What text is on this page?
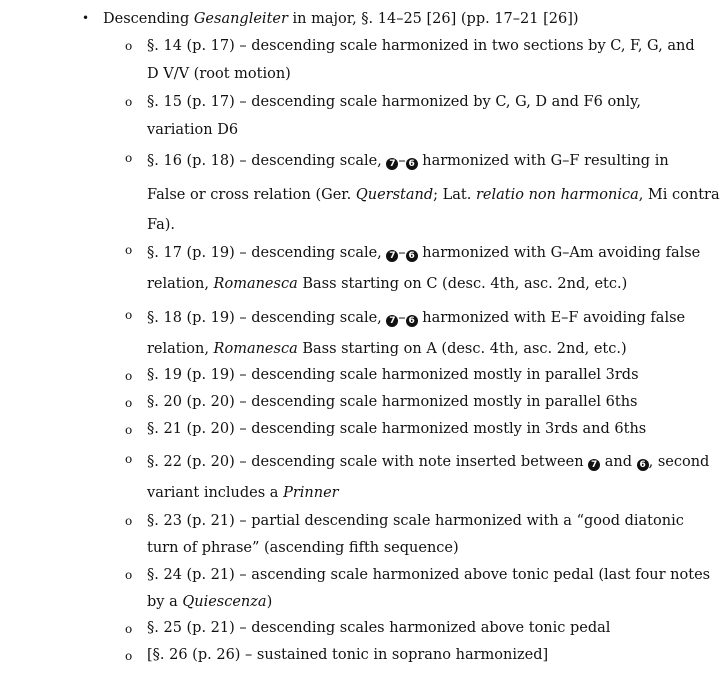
• Descending Gesangleiter in major, §. 14–25 [26] (pp. 17–21 [26])
o §. 14 (p. 17) – descending scale harmonized in two sections by C, F, G, and
D V/V (root motion)
o §. 15 (p. 17) – descending scale harmonized by C, G, D and F6 only,
variation D6
o §. 16 (p. 18) – descending scale, 7 – 6 harmonized with G–F resulting in
False or cross relation (Ger. Querstand; Lat. relatio non harmonica, Mi contra
Fa).
o §. 17 (p. 19) – descending scale, 7 – 6 harmonized with G–Am avoiding false
relation, Romanesca Bass starting on C (desc. 4th, asc. 2nd, etc.)
o §. 18 (p. 19) – descending scale, 7 – 6 harmonized with E–F avoiding false
relation, Romanesca Bass starting on A (desc. 4th, asc. 2nd, etc.)
o §. 19 (p. 19) – descending scale harmonized mostly in parallel 3rds
o §. 20 (p. 20) – descending scale harmonized mostly in parallel 6ths
o §. 21 (p. 20) – descending scale harmonized mostly in 3rds and 6ths
o §. 22 (p. 20) – descending scale with note inserted between 7 and 6 , second
variant includes a Prinner
o §. 23 (p. 21) – partial descending scale harmonized with a “good diatonic
turn of phrase” (ascending fifth sequence)
o §. 24 (p. 21) – ascending scale harmonized above tonic pedal (last four notes
by a Quiescenza)
o §. 25 (p. 21) – descending scales harmonized above tonic pedal
o [§. 26 (p. 26) – sustained tonic in soprano harmonized]
